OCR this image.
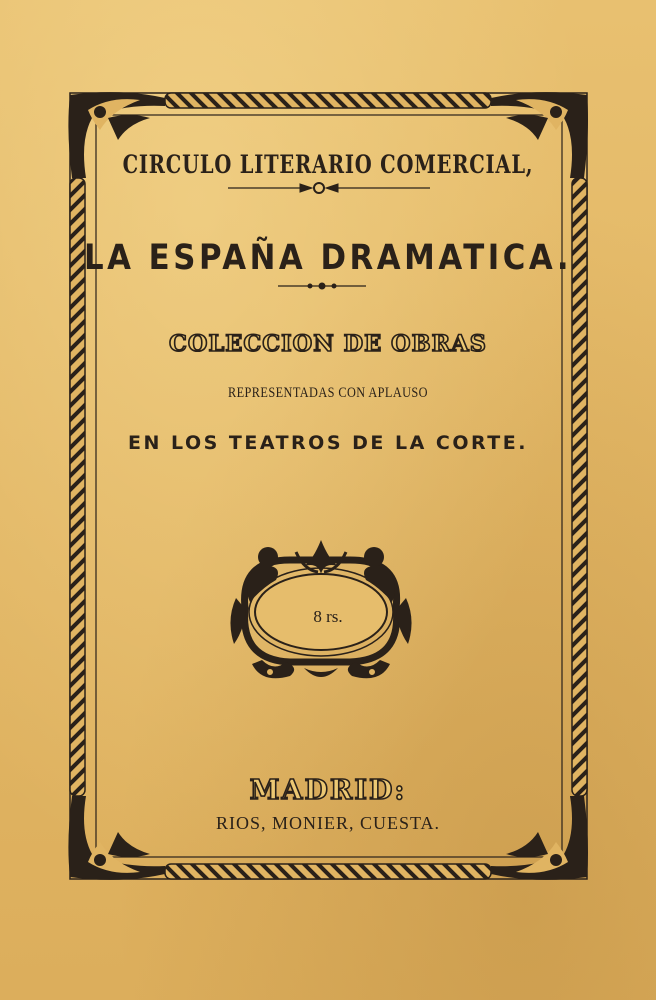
CIRCULO LITERARIO COMERCIAL,
LA ESPAÑA DRAMATICA.
COLECCION DE OBRAS
REPRESENTADAS CON APLAUSO
EN LOS TEATROS DE LA CORTE.
8 rs.
MADRID:
RIOS, MONIER, CUESTA.
